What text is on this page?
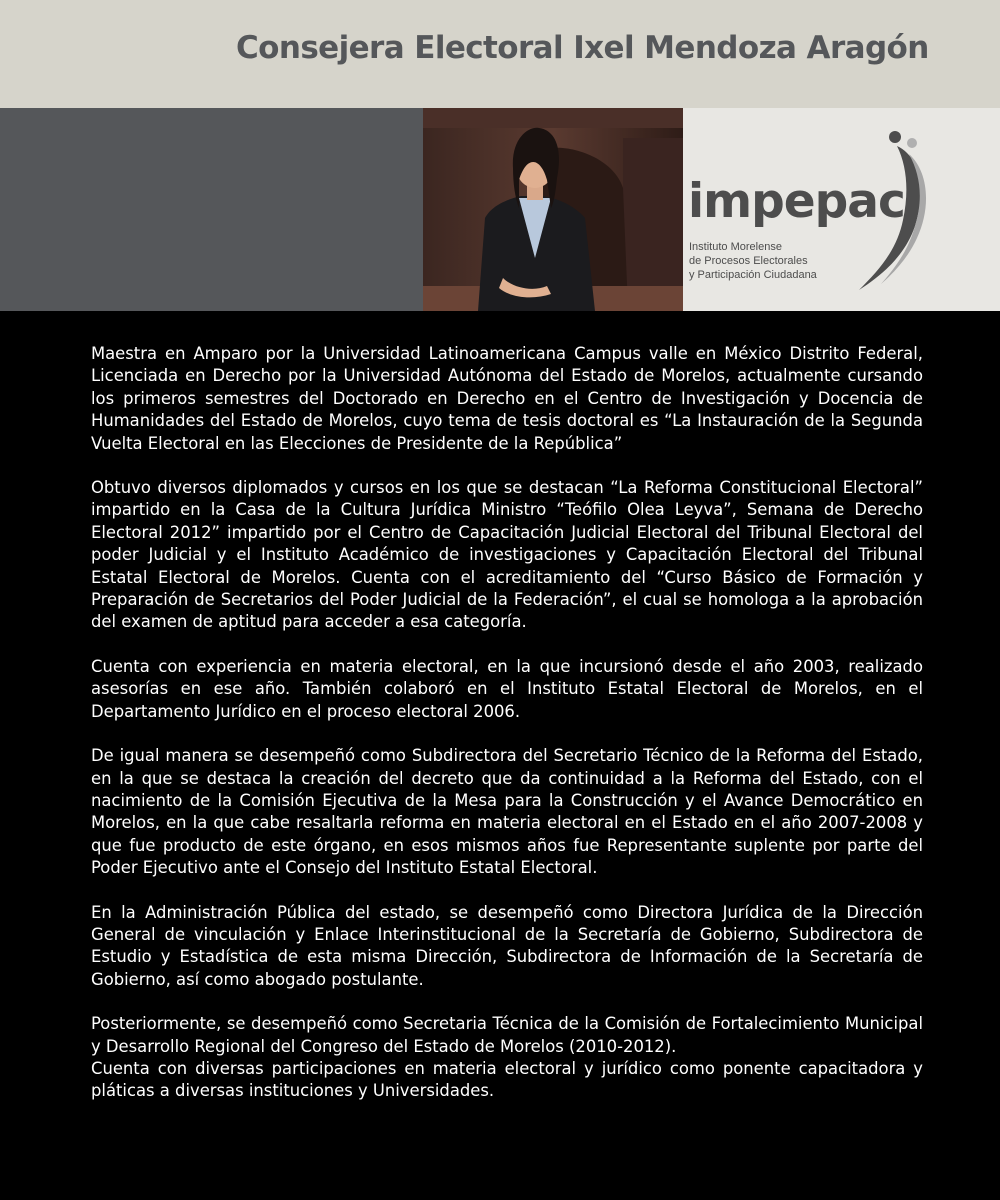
Consejera Electoral Ixel Mendoza Aragón
impepac
Instituto Morelense
de Procesos Electorales
y Participación Ciudadana

Maestra en Amparo por la Universidad Latinoamericana Campus valle en México Distrito Federal, Licenciada en Derecho por la Universidad Autónoma del Estado de Morelos, actualmente cursando los primeros semestres del Doctorado en Derecho en el Centro de Investigación y Docencia de Humanidades del Estado de Morelos, cuyo tema de tesis doctoral es “La Instauración de la Segunda Vuelta Electoral en las Elecciones de Presidente de la República”

Obtuvo diversos diplomados y cursos en los que se destacan “La Reforma Constitucional Electoral” impartido en la Casa de la Cultura Jurídica Ministro “Teófilo Olea Leyva”, Semana de Derecho Electoral 2012” impartido por el Centro de Capacitación Judicial Electoral del Tribunal Electoral del poder Judicial y el Instituto Académico de investigaciones y Capacitación Electoral del Tribunal Estatal Electoral de Morelos. Cuenta con el acreditamiento del “Curso Básico de Formación y Preparación de Secretarios del Poder Judicial de la Federación”, el cual se homologa a la aprobación del examen de aptitud para acceder a esa categoría.

Cuenta con experiencia en materia electoral, en la que incursionó desde el año 2003, realizado asesorías en ese año. También colaboró en el Instituto Estatal Electoral de Morelos, en el Departamento Jurídico en el proceso electoral 2006.

De igual manera se desempeñó como Subdirectora del Secretario Técnico de la Reforma del Estado, en la que se destaca la creación del decreto que da continuidad a la Reforma del Estado, con el nacimiento de la Comisión Ejecutiva de la Mesa para la Construcción y el Avance Democrático en Morelos, en la que cabe resaltarla reforma en materia electoral en el Estado en el año 2007-2008 y que fue producto de este órgano, en esos mismos años fue Representante suplente por parte del Poder Ejecutivo ante el Consejo del Instituto Estatal Electoral.

En la Administración Pública del estado, se desempeñó como Directora Jurídica de la Dirección General de vinculación y Enlace Interinstitucional de la Secretaría de Gobierno, Subdirectora de Estudio y Estadística de esta misma Dirección, Subdirectora de Información de la Secretaría de Gobierno, así como abogado postulante.

Posteriormente, se desempeñó como Secretaria Técnica de la Comisión de Fortalecimiento Municipal y Desarrollo Regional del Congreso del Estado de Morelos (2010-2012).

Cuenta con diversas participaciones en materia electoral y jurídico como ponente capacitadora y pláticas a diversas instituciones y Universidades.
